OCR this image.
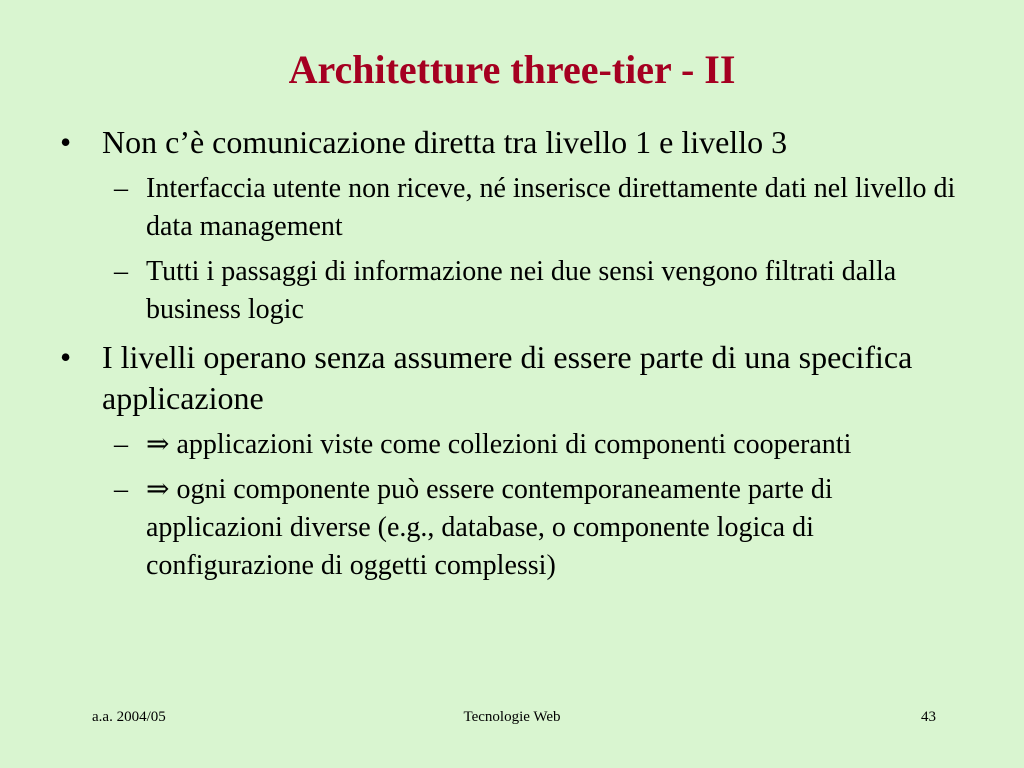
Architetture three-tier - II
• Non c’è comunicazione diretta tra livello 1 e livello 3
– Interfaccia utente non riceve, né inserisce direttamente dati nel livello di data management
– Tutti i passaggi di informazione nei due sensi vengono filtrati dalla business logic
• I livelli operano senza assumere di essere parte di una specifica applicazione
– ⇒ applicazioni viste come collezioni di componenti cooperanti
– ⇒ ogni componente può essere contemporaneamente parte di applicazioni diverse (e.g., database, o componente logica di configurazione di oggetti complessi)
a.a. 2004/05	Tecnologie Web	43
